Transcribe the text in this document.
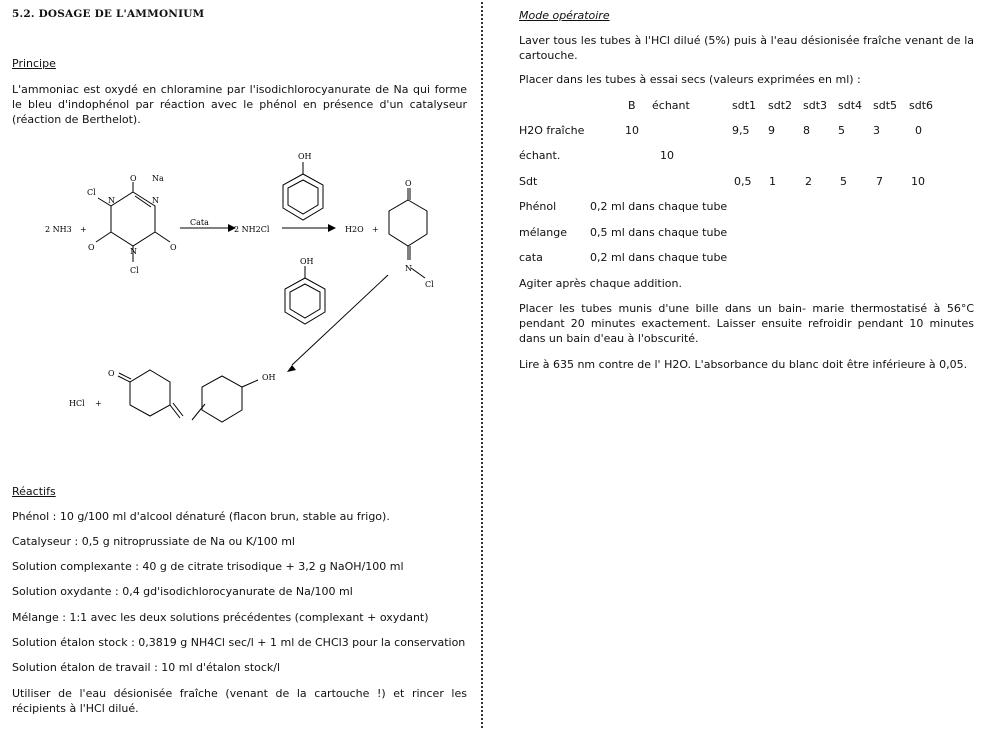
5.2. DOSAGE DE L'AMMONIUM
Principe
L'ammoniac est oxydé en chloramine par l'isodichlorocyanurate de Na qui forme le bleu d'indophénol par réaction avec le phénol en présence d'un catalyseur (réaction de Berthelot).
2 NH3 +
Cata
2 NH2Cl	H2O +
HCl +
OH
OH
OH
N
Cl
Cl
Cl
N	N
N
O
O
O
O
O
Na
Réactifs
Phénol : 10 g/100 ml d'alcool dénaturé (flacon brun, stable au frigo).
Catalyseur : 0,5 g nitroprussiate de Na ou K/100 ml
Solution complexante : 40 g de citrate trisodique + 3,2 g NaOH/100 ml
Solution oxydante : 0,4 gd'isodichlorocyanurate de Na/100 ml
Mélange : 1:1 avec les deux solutions précédentes (complexant + oxydant)
Solution étalon stock : 0,3819 g NH4Cl sec/l + 1 ml de CHCl3 pour la conservation
Solution étalon de travail : 10 ml d'étalon stock/l
Utiliser de l'eau désionisée fraîche (venant de la cartouche !) et rincer les récipients à l'HCl dilué.
Mode opératoire
Laver tous les tubes à l'HCl dilué (5%) puis à l'eau désionisée fraîche venant de la cartouche.
Placer dans les tubes à essai secs (valeurs exprimées en ml) :
B échant	sdt1 sdt2 sdt3 sdt4 sdt5 sdt6
H2O fraîche	10	9,5 9	8	5	3	0
échant.	10
Sdt	0,5 1	2	5	7	10
Phénol	0,2 ml dans chaque tube
mélange 0,5 ml dans chaque tube
cata	0,2 ml dans chaque tube
Agiter après chaque addition.
Placer les tubes munis d'une bille dans un bain- marie thermostatisé à 56°C pendant 20 minutes exactement. Laisser ensuite refroidir pendant 10 minutes dans un bain d'eau à l'obscurité.
Lire à 635 nm contre de l' H2O. L'absorbance du blanc doit être inférieure à 0,05.
